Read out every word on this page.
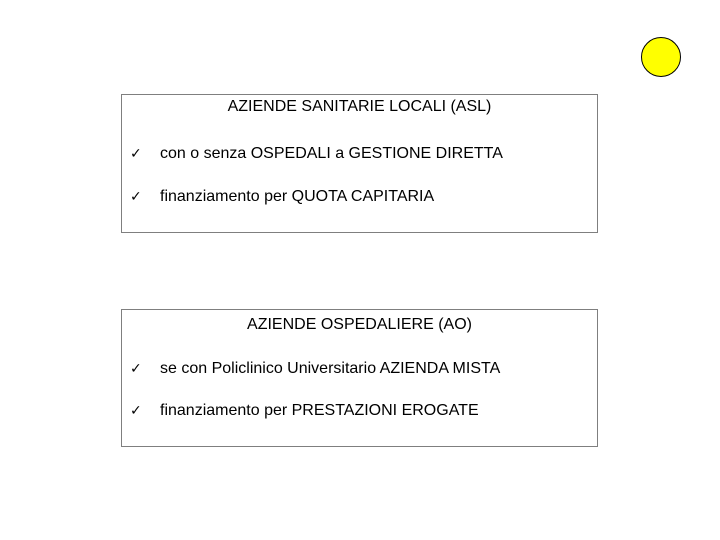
AZIENDE SANITARIE LOCALI (ASL)
✓ con o senza OSPEDALI a GESTIONE DIRETTA
✓ finanziamento per QUOTA CAPITARIA
AZIENDE OSPEDALIERE (AO)
✓ se con Policlinico Universitario AZIENDA MISTA
✓ finanziamento per PRESTAZIONI EROGATE
